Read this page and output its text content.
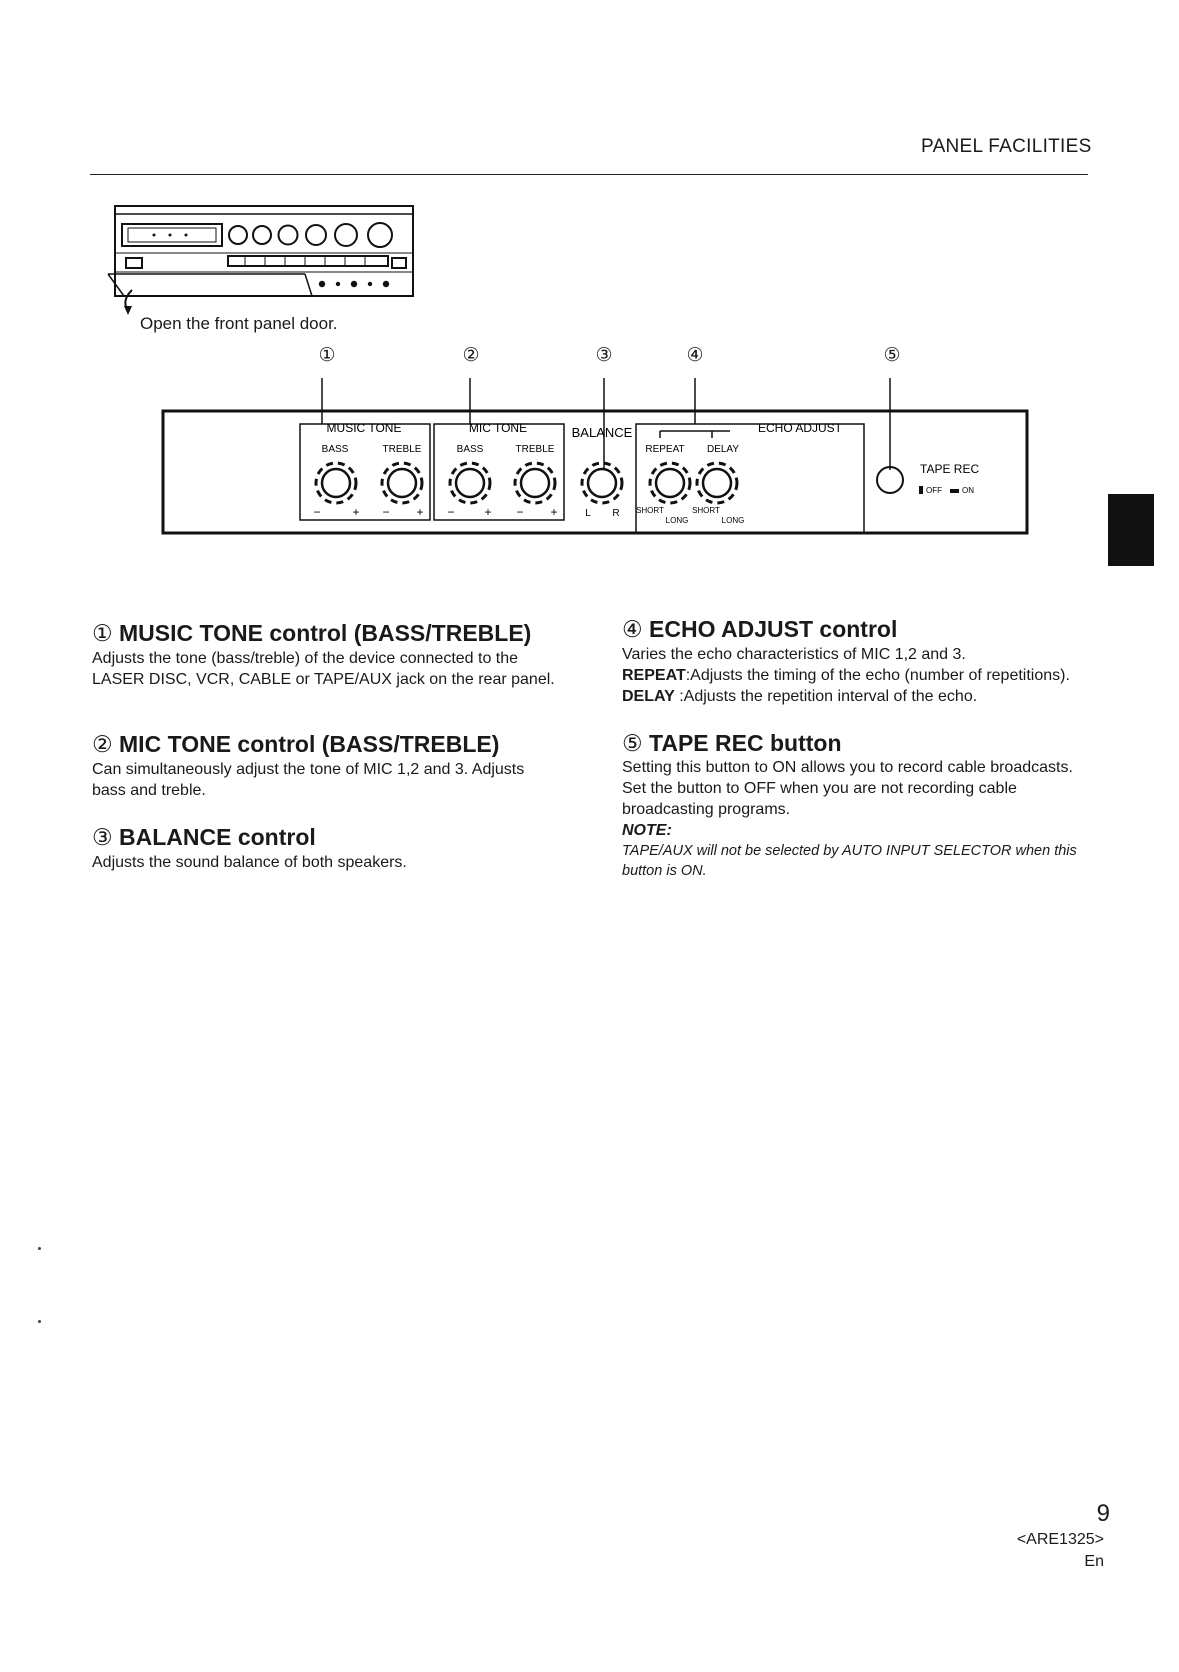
PANEL FACILITIES
Open the front panel door.
①	②	③	④	⑤
MUSIC TONE
BASS	TREBLE
−	+ − +
MIC TONE
BASS	TREBLE
− + − +
BALANCE
L R
ECHO ADJUST
REPEAT DELAY
SHORT
LONG
SHORT
LONG
TAPE REC
OFF	ON
① MUSIC TONE control (BASS/TREBLE)
Adjusts the tone (bass/treble) of the device connected to the LASER DISC, VCR, CABLE or TAPE/AUX jack on the rear panel.
② MIC TONE control (BASS/TREBLE)
Can simultaneously adjust the tone of MIC 1,2 and 3. Adjusts bass and treble.
③ BALANCE control
Adjusts the sound balance of both speakers.
④ ECHO ADJUST control
Varies the echo characteristics of MIC 1,2 and 3.
REPEAT:Adjusts the timing of the echo (number of repetitions).
DELAY :Adjusts the repetition interval of the echo.
⑤ TAPE REC button
Setting this button to ON allows you to record cable broadcasts. Set the button to OFF when you are not recording cable broadcasting programs.
NOTE:
TAPE/AUX will not be selected by AUTO INPUT SELECTOR when this button is ON.
9
<ARE1325>
En
